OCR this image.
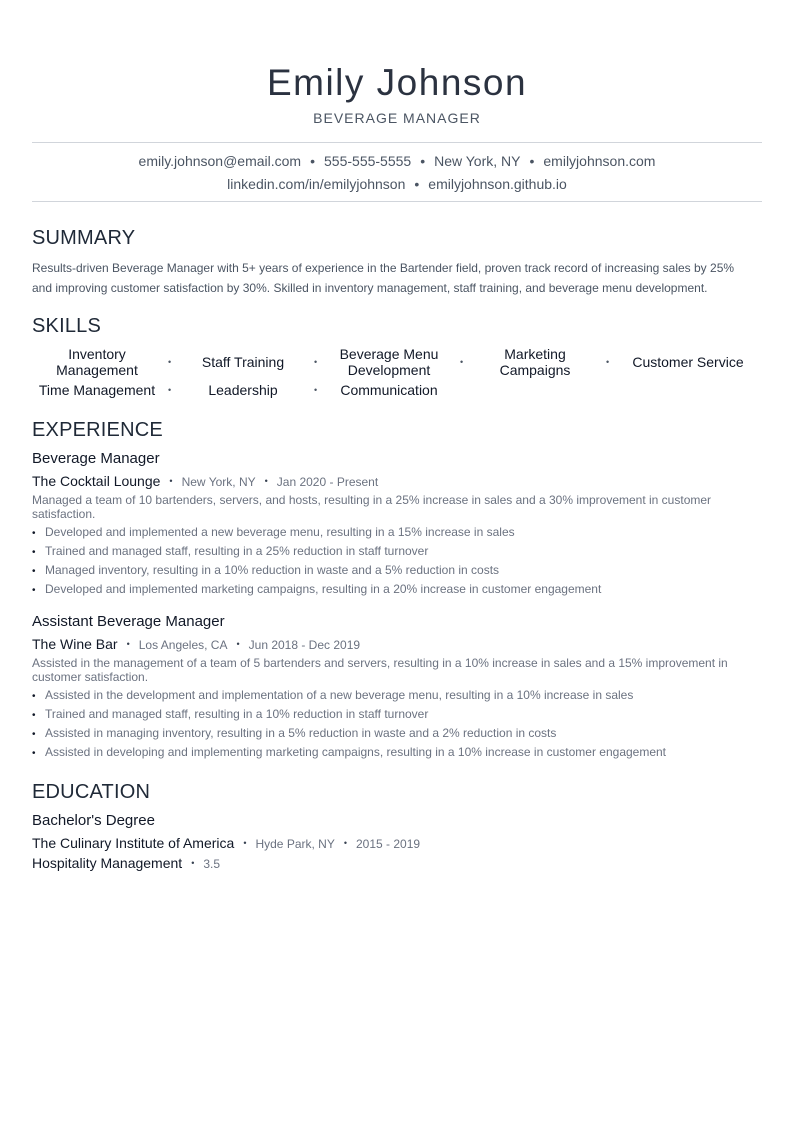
Emily Johnson
BEVERAGE MANAGER
emily.johnson@email.com • 555-555-5555 • New York, NY • emilyjohnson.com
linkedin.com/in/emilyjohnson • emilyjohnson.github.io
SUMMARY
Results-driven Beverage Manager with 5+ years of experience in the Bartender field, proven track record of increasing sales by 25% and improving customer satisfaction by 30%. Skilled in inventory management, staff training, and beverage menu development.
SKILLS
Inventory Management	•	Staff Training	•	Beverage Menu Development	•	Marketing Campaigns	•	Customer Service
Time Management	•	Leadership	•	Communication
EXPERIENCE
Beverage Manager
The Cocktail Lounge • New York, NY • Jan 2020 - Present
Managed a team of 10 bartenders, servers, and hosts, resulting in a 25% increase in sales and a 30% improvement in customer satisfaction.
• Developed and implemented a new beverage menu, resulting in a 15% increase in sales
• Trained and managed staff, resulting in a 25% reduction in staff turnover
• Managed inventory, resulting in a 10% reduction in waste and a 5% reduction in costs
• Developed and implemented marketing campaigns, resulting in a 20% increase in customer engagement
Assistant Beverage Manager
The Wine Bar • Los Angeles, CA • Jun 2018 - Dec 2019
Assisted in the management of a team of 5 bartenders and servers, resulting in a 10% increase in sales and a 15% improvement in customer satisfaction.
• Assisted in the development and implementation of a new beverage menu, resulting in a 10% increase in sales
• Trained and managed staff, resulting in a 10% reduction in staff turnover
• Assisted in managing inventory, resulting in a 5% reduction in waste and a 2% reduction in costs
• Assisted in developing and implementing marketing campaigns, resulting in a 10% increase in customer engagement
EDUCATION
Bachelor's Degree
The Culinary Institute of America • Hyde Park, NY • 2015 - 2019
Hospitality Management • 3.5
